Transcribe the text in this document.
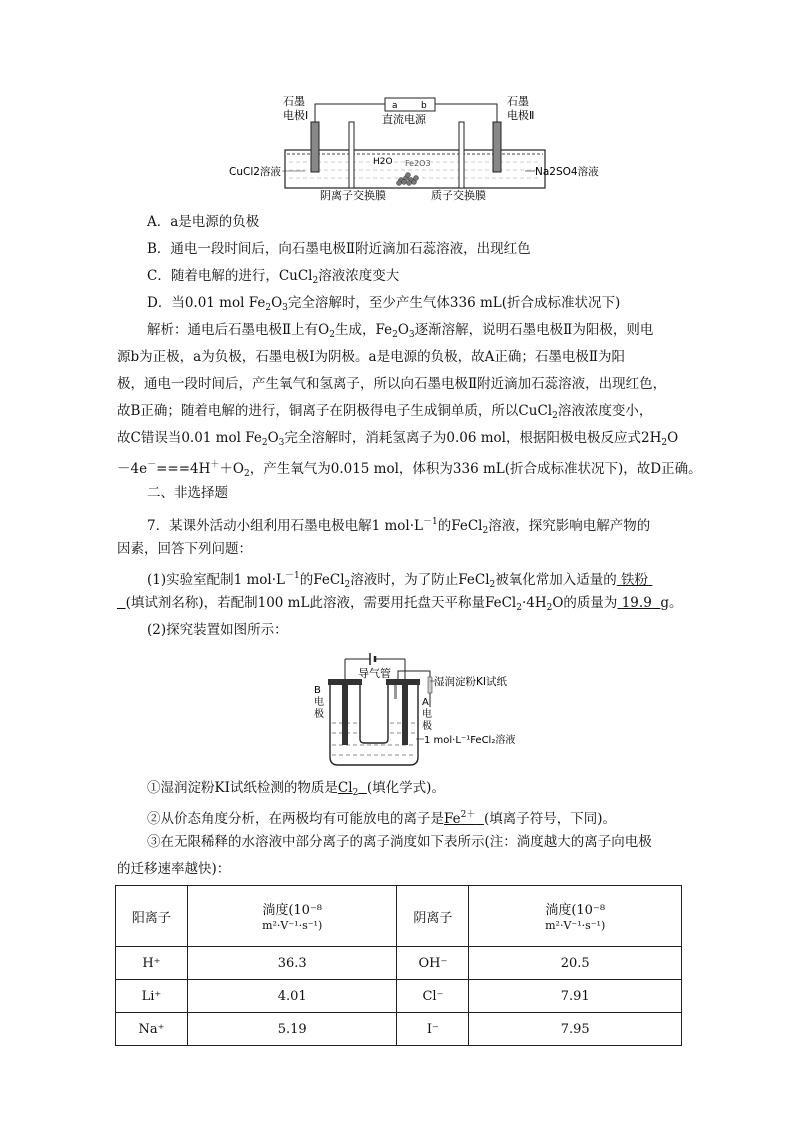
a	b
直流电源
石墨
电极Ⅰ
石墨
电极Ⅱ
H2O Fe2O3
CuCl2溶液	Na2SO4溶液
阴离子交换膜	质子交换膜
A．a是电源的负极
B．通电一段时间后，向石墨电极Ⅱ附近滴加石蕊溶液，出现红色
C．随着电解的进行，CuCl$_2$溶液浓度变大
D．当0.01 mol $Fe_2O_3$完全溶解时，至少产生气体336 mL(折合成标准状况下)
解析：通电后石墨电极Ⅱ上有$O_2$生成，$Fe_2O_3$逐渐溶解，说明石墨电极Ⅱ为阳极，则电
源b为正极，a为负极，石墨电极Ⅰ为阴极。a是电源的负极，故A正确；石墨电极Ⅱ为阳
极，通电一段时间后，产生氧气和氢离子，所以向石墨电极Ⅱ附近滴加石蕊溶液，出现红色，
故B正确；随着电解的进行，铜离子在阴极得电子生成铜单质，所以CuCl$_2$溶液浓度变小，
故C错误当0.01 mol $Fe_2O_3$完全溶解时，消耗氢离子为0.06 mol，根据阳极电极反应式$2H_2O$
$-4e^-===4H^++O_2$，产生氧气为0.015 mol，体积为336 mL(折合成标准状况下)，故D正确。
二、非选择题
7．某课外活动小组利用石墨电极电解1 $mol\cdot L^{-1}$的FeCl$_2$溶液，探究影响电解产物的
因素，回答下列问题：
(1)实验室配制1 $mol\cdot L^{-1}$的FeCl$_2$溶液时，为了防止FeCl$_2$被氧化常加入适量的 铁粉
(填试剂名称)，若配制100 mL此溶液，需要用托盘天平称量$FeCl_2\cdot 4H_2O$的质量为 19.9 g。
(2)探究装置如图所示：
导气管
湿润淀粉KI试纸
B
电
极
A
电
极
1 mol·L⁻¹FeCl₂溶液
①湿润淀粉KI试纸检测的物质是$Cl_2$ (填化学式)。
②从价态角度分析，在两极均有可能放电的离子是$Fe^{2+}$ (填离子符号，下同)。
③在无限稀释的水溶液中部分离子的离子淌度如下表所示(注：淌度越大的离子向电极
的迁移速率越快)：
阳离子	淌度(10⁻⁸
m²·V⁻¹·s⁻¹)	阴离子	淌度(10⁻⁸
m²·V⁻¹·s⁻¹)
H⁺	36.3	OH⁻	20.5
Li⁺	4.01	Cl⁻	7.91
Na⁺	5.19	I⁻	7.95
